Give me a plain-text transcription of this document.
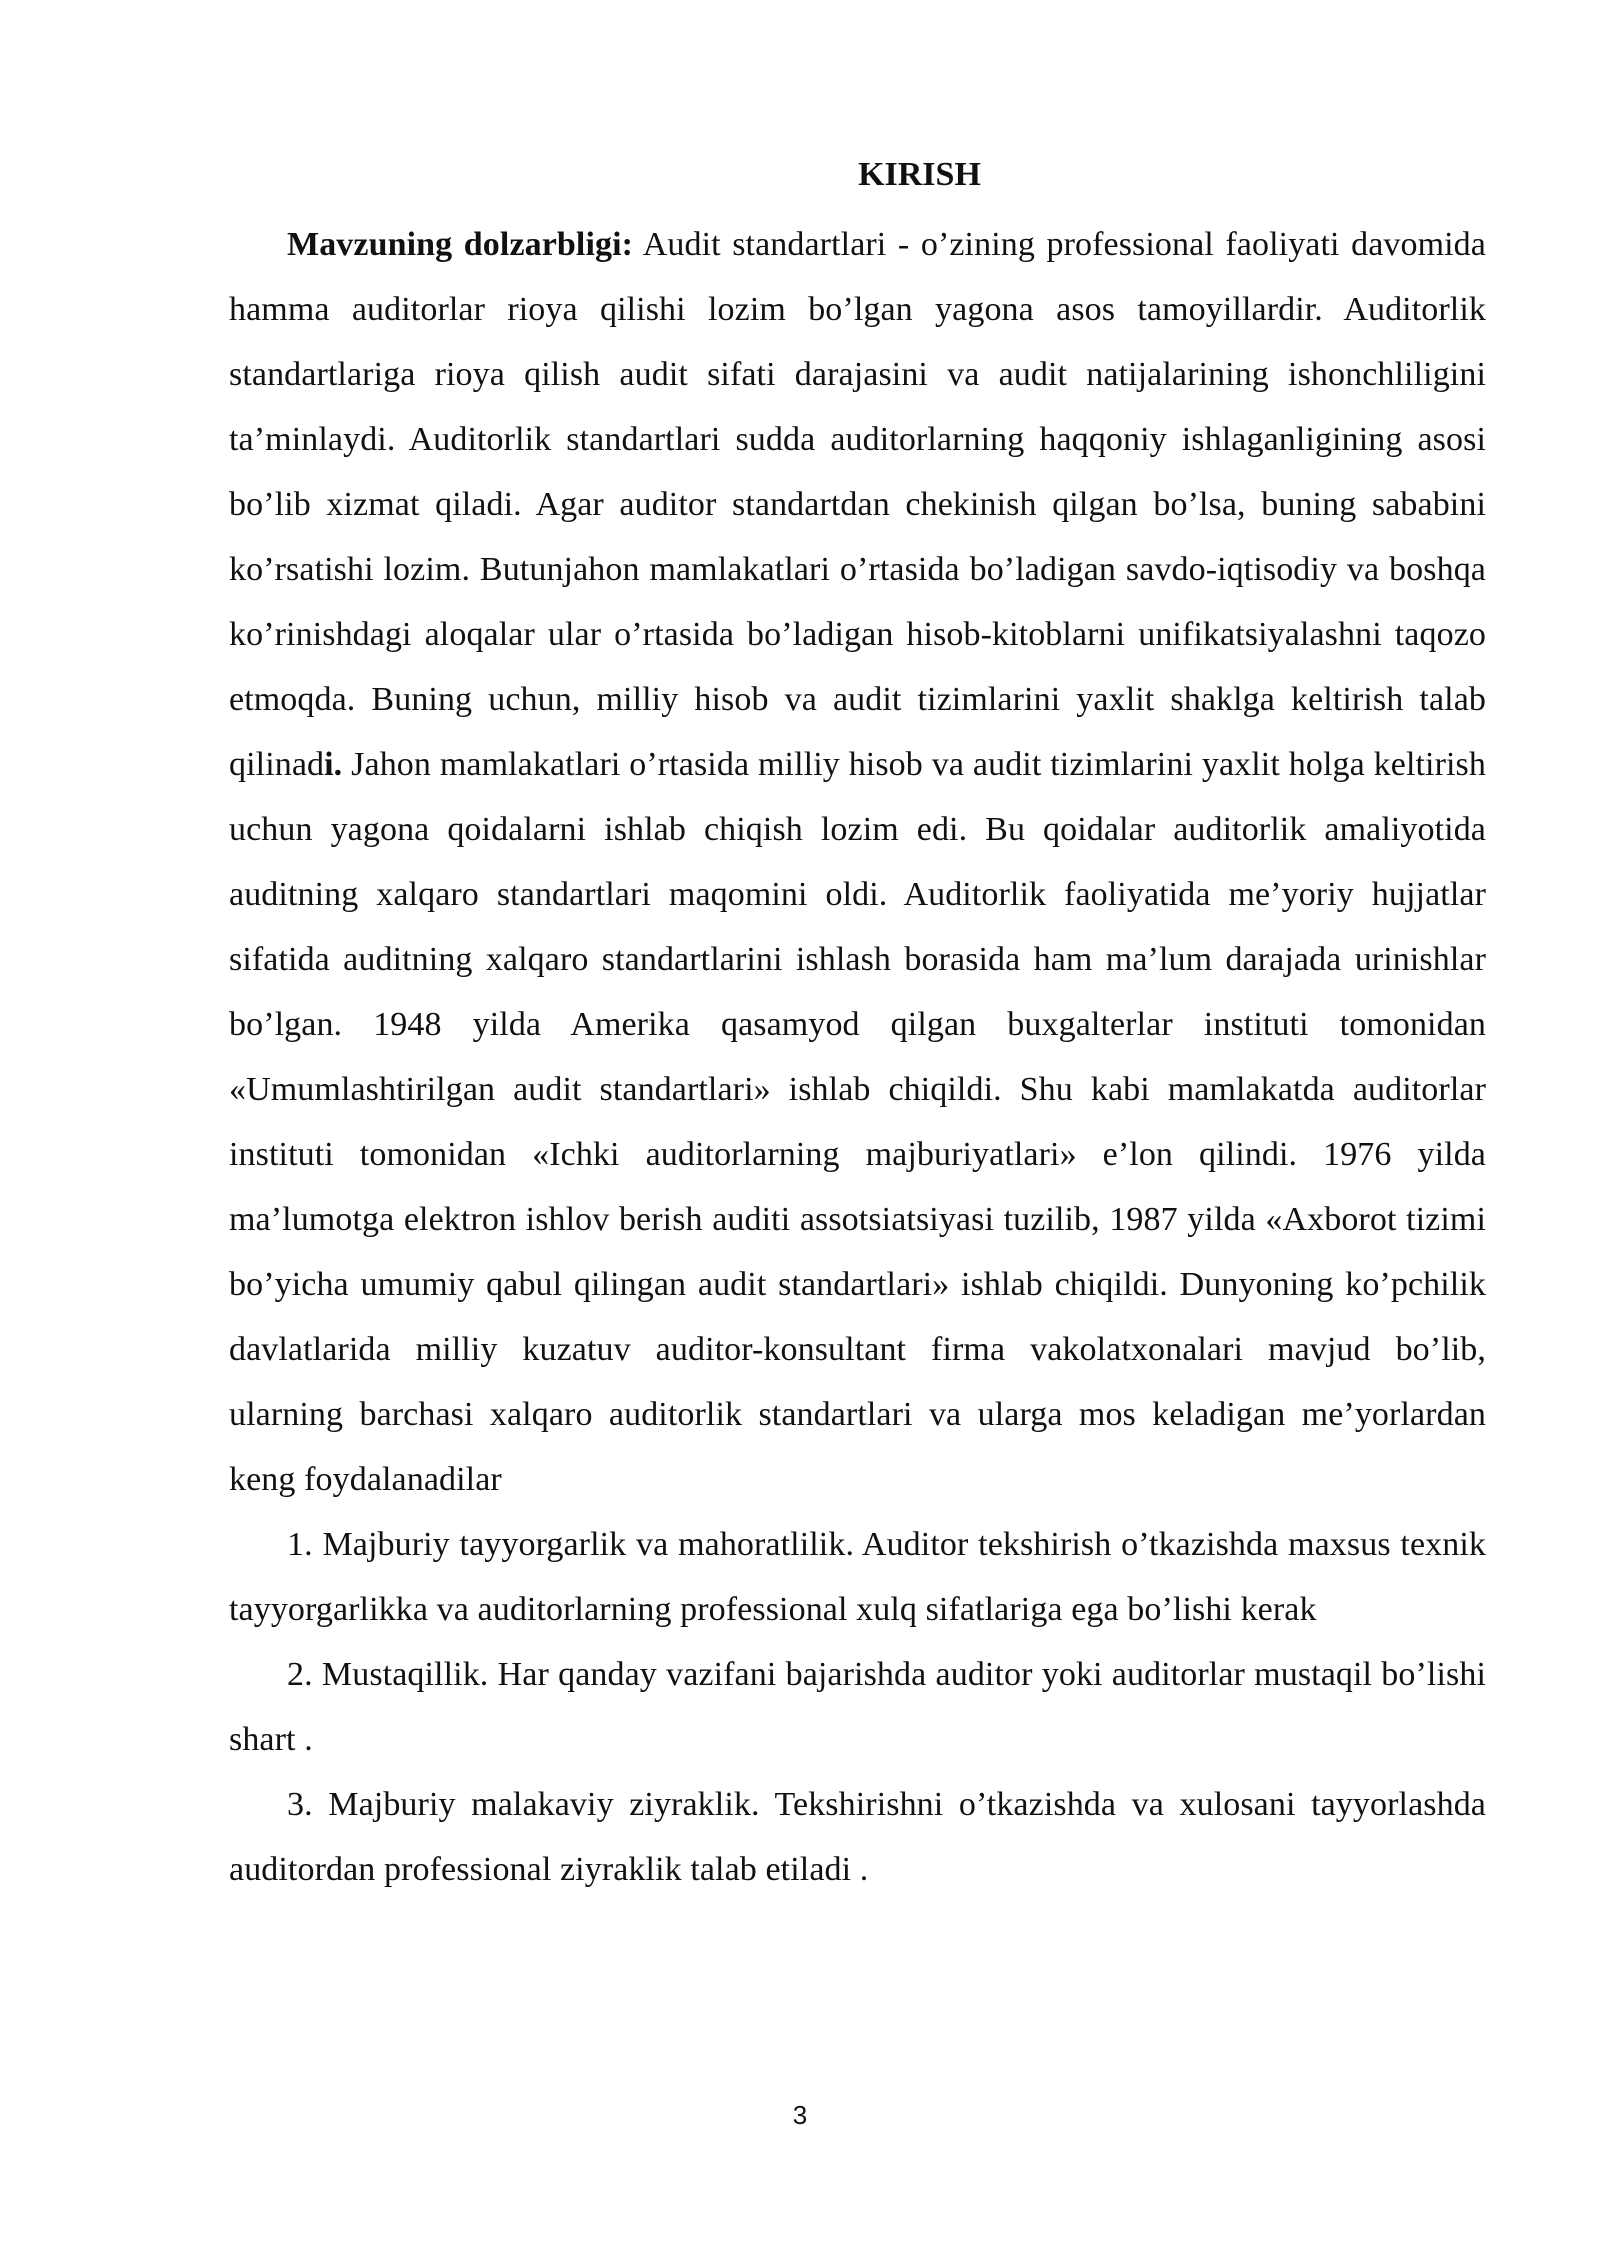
KIRISH

Mavzuning dolzarbligi: Audit standartlari - o’zining professional faoliyati davomida hamma auditorlar rioya qilishi lozim bo’lgan yagona asos tamoyillardir. Auditorlik standartlariga rioya qilish audit sifati darajasini va audit natijalarining ishonchliligini ta’minlaydi. Auditorlik standartlari sudda auditorlarning haqqoniy ishlaganligining asosi bo’lib xizmat qiladi. Agar auditor standartdan chekinish qilgan bo’lsa, buning sababini ko’rsatishi lozim. Butunjahon mamlakatlari o’rtasida bo’ladigan savdo-iqtisodiy va boshqa ko’rinishdagi aloqalar ular o’rtasida bo’ladigan hisob-kitoblarni unifikatsiyalashni taqozo etmoqda. Buning uchun, milliy hisob va audit tizimlarini yaxlit shaklga keltirish talab qilinadi. Jahon mamlakatlari o’rtasida milliy hisob va audit tizimlarini yaxlit holga keltirish uchun yagona qoidalarni ishlab chiqish lozim edi. Bu qoidalar auditorlik amaliyotida auditning xalqaro standartlari maqomini oldi. Auditorlik faoliyatida me’yoriy hujjatlar sifatida auditning xalqaro standartlarini ishlash borasida ham ma’lum darajada urinishlar bo’lgan. 1948 yilda Amerika qasamyod qilgan buxgalterlar instituti tomonidan «Umumlashtirilgan audit standartlari» ishlab chiqildi. Shu kabi mamlakatda auditorlar instituti tomonidan «Ichki auditorlarning majburiyatlari» e’lon qilindi. 1976 yilda ma’lumotga elektron ishlov berish auditi assotsiatsiyasi tuzilib, 1987 yilda «Axborot tizimi bo’yicha umumiy qabul qilingan audit standartlari» ishlab chiqildi. Dunyoning ko’pchilik davlatlarida milliy kuzatuv auditor-konsultant firma vakolatxonalari mavjud bo’lib, ularning barchasi xalqaro auditorlik standartlari va ularga mos keladigan me’yorlardan keng foydalanadilar

1. Majburiy tayyorgarlik va mahoratlilik. Auditor tekshirish o’tkazishda maxsus texnik tayyorgarlikka va auditorlarning professional xulq sifatlariga ega bo’lishi kerak

2. Mustaqillik. Har qanday vazifani bajarishda auditor yoki auditorlar mustaqil bo’lishi shart .

3. Majburiy malakaviy ziyraklik. Tekshirishni o’tkazishda va xulosani tayyorlashda auditordan professional ziyraklik talab etiladi .

3
